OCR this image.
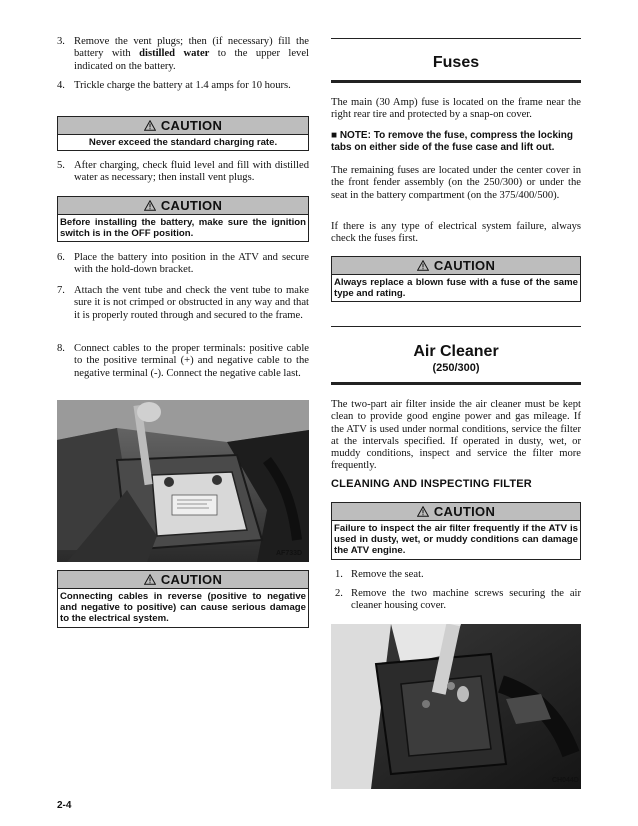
3. Remove the vent plugs; then (if necessary) fill the battery with distilled water to the upper level indicated on the battery.
4. Trickle charge the battery at 1.4 amps for 10 hours.
CAUTION
Never exceed the standard charging rate.
5. After charging, check fluid level and fill with distilled water as necessary; then install vent plugs.
CAUTION
Before installing the battery, make sure the ignition switch is in the OFF position.
6. Place the battery into position in the ATV and secure with the hold-down bracket.
7. Attach the vent tube and check the vent tube to make sure it is not crimped or obstructed in any way and that it is properly routed through and secured to the frame.
8. Connect cables to the proper terminals: positive cable to the positive terminal (+) and negative cable to the negative terminal (-). Connect the negative cable last.
AF733D
CAUTION
Connecting cables in reverse (positive to negative and negative to positive) can cause serious damage to the electrical system.
Fuses
The main (30 Amp) fuse is located on the frame near the right rear tire and protected by a snap-on cover.
■ NOTE: To remove the fuse, compress the locking tabs on either side of the fuse case and lift out.
The remaining fuses are located under the center cover in the front fender assembly (on the 250/300) or under the seat in the battery compartment (on the 375/400/500).
If there is any type of electrical system failure, always check the fuses first.
CAUTION
Always replace a blown fuse with a fuse of the same type and rating.
Air Cleaner
(250/300)
The two-part air filter inside the air cleaner must be kept clean to provide good engine power and gas mileage. If the ATV is used under normal conditions, service the filter at the intervals specified. If operated in dusty, wet, or muddy conditions, inspect and service the filter more frequently.
CLEANING AND INSPECTING FILTER
CAUTION
Failure to inspect the air filter frequently if the ATV is used in dusty, wet, or muddy conditions can damage the ATV engine.
1. Remove the seat.
2. Remove the two machine screws securing the air cleaner housing cover.
CH044D
2-4
